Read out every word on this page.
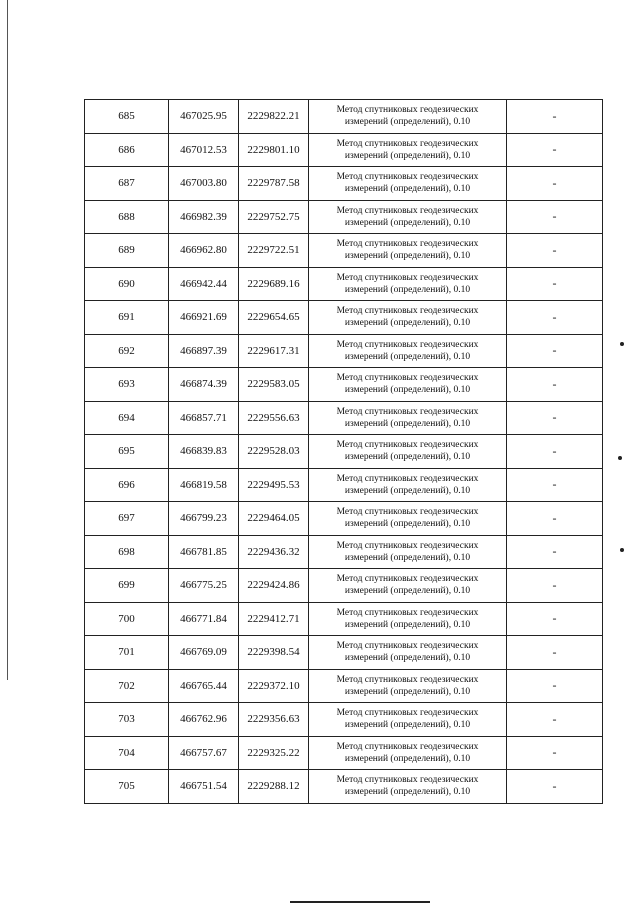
685	467025.95	2229822.21	Метод спутниковых геодезических
измерений (определений), 0.10	-
686	467012.53	2229801.10	Метод спутниковых геодезических
измерений (определений), 0.10	-
687	467003.80	2229787.58	Метод спутниковых геодезических
измерений (определений), 0.10	-
688	466982.39	2229752.75	Метод спутниковых геодезических
измерений (определений), 0.10	-
689	466962.80	2229722.51	Метод спутниковых геодезических
измерений (определений), 0.10	-
690	466942.44	2229689.16	Метод спутниковых геодезических
измерений (определений), 0.10	-
691	466921.69	2229654.65	Метод спутниковых геодезических
измерений (определений), 0.10	-
692	466897.39	2229617.31	Метод спутниковых геодезических
измерений (определений), 0.10	-
693	466874.39	2229583.05	Метод спутниковых геодезических
измерений (определений), 0.10	-
694	466857.71	2229556.63	Метод спутниковых геодезических
измерений (определений), 0.10	-
695	466839.83	2229528.03	Метод спутниковых геодезических
измерений (определений), 0.10	-
696	466819.58	2229495.53	Метод спутниковых геодезических
измерений (определений), 0.10	-
697	466799.23	2229464.05	Метод спутниковых геодезических
измерений (определений), 0.10	-
698	466781.85	2229436.32	Метод спутниковых геодезических
измерений (определений), 0.10	-
699	466775.25	2229424.86	Метод спутниковых геодезических
измерений (определений), 0.10	-
700	466771.84	2229412.71	Метод спутниковых геодезических
измерений (определений), 0.10	-
701	466769.09	2229398.54	Метод спутниковых геодезических
измерений (определений), 0.10	-
702	466765.44	2229372.10	Метод спутниковых геодезических
измерений (определений), 0.10	-
703	466762.96	2229356.63	Метод спутниковых геодезических
измерений (определений), 0.10	-
704	466757.67	2229325.22	Метод спутниковых геодезических
измерений (определений), 0.10	-
705	466751.54	2229288.12	Метод спутниковых геодезических
измерений (определений), 0.10	-
